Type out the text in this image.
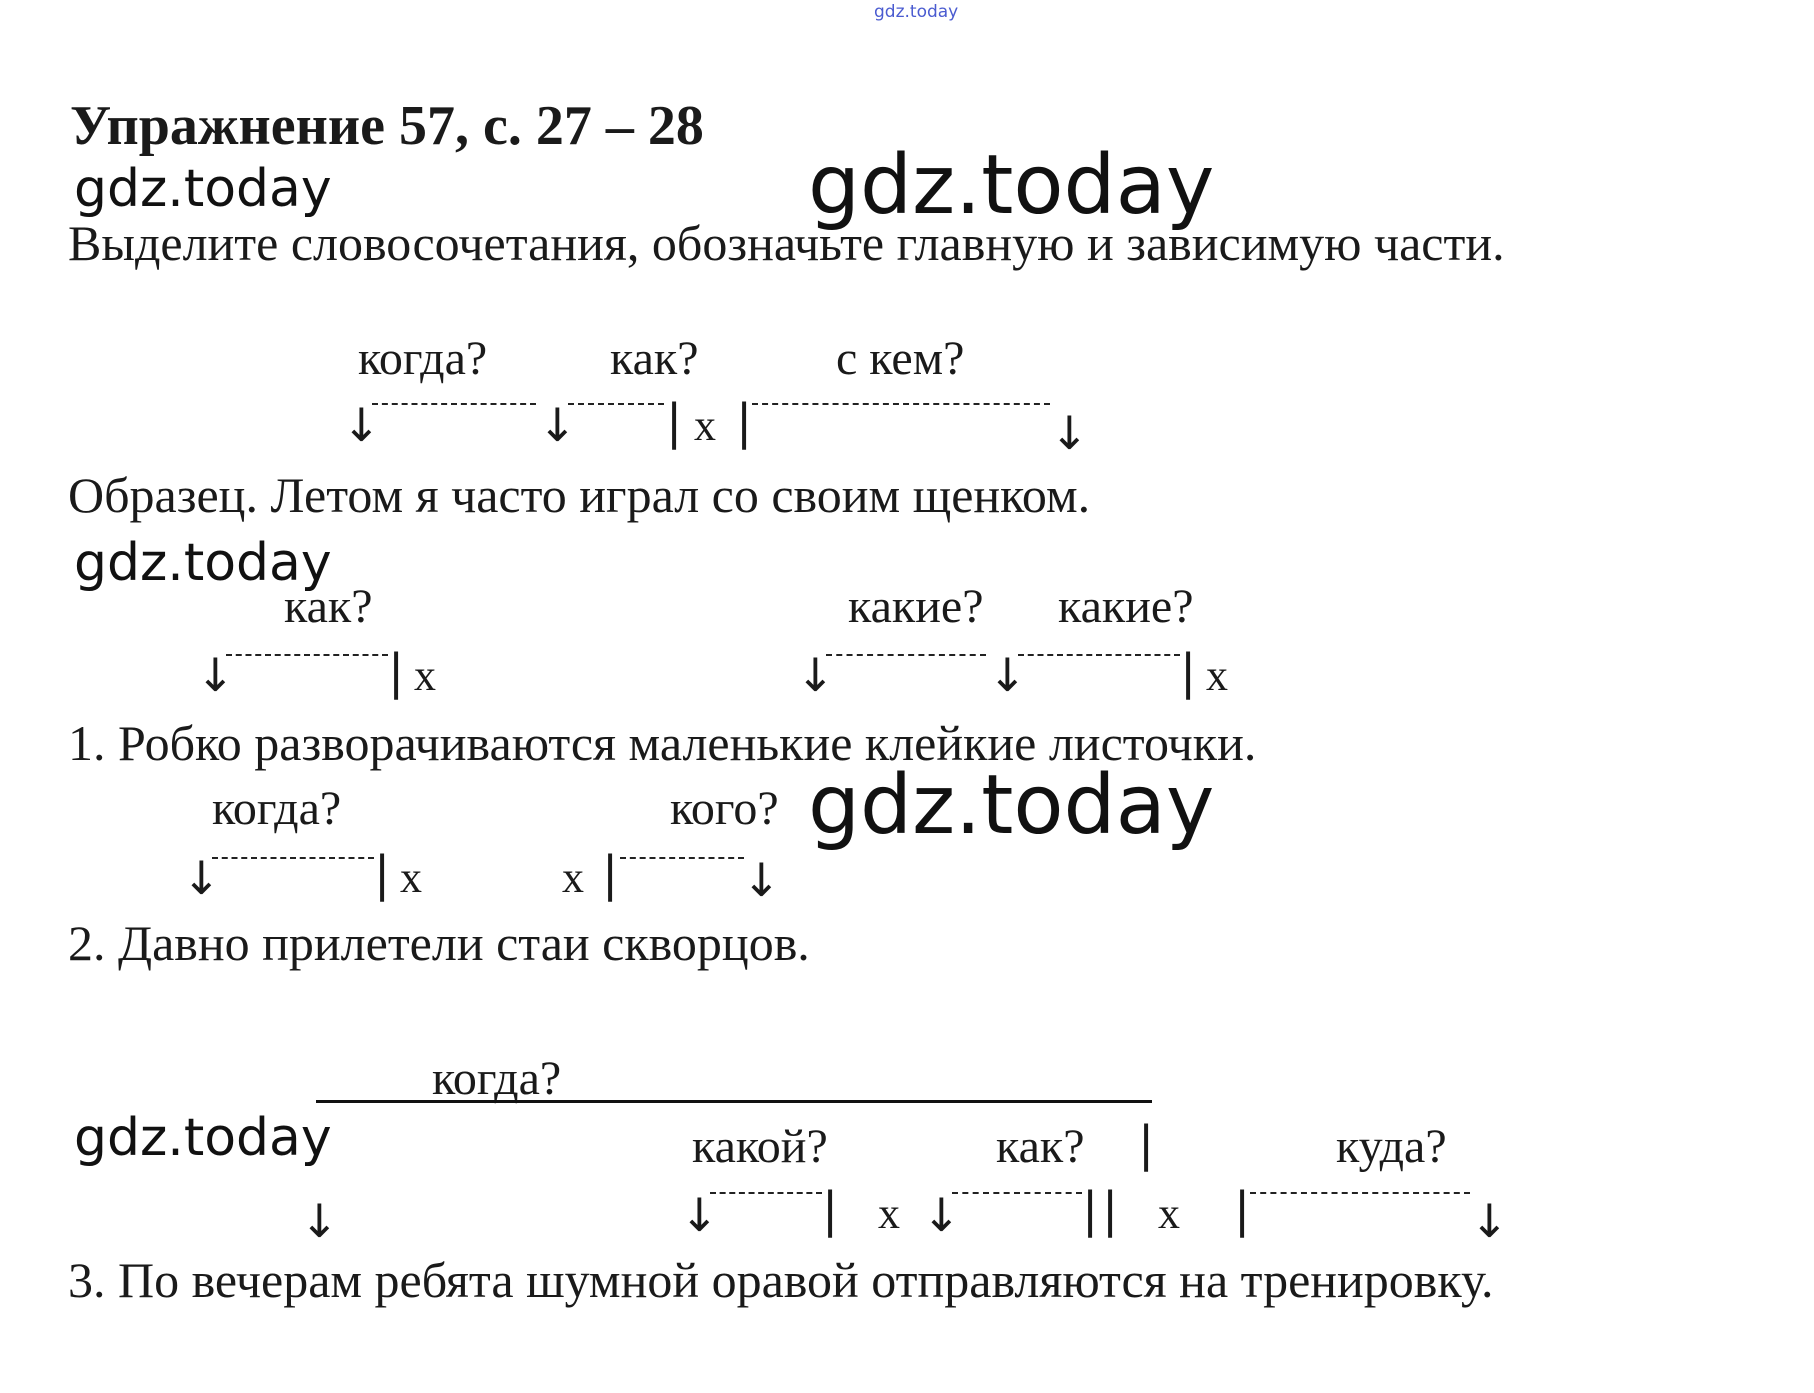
gdz.today
Упражнение 57, с. 27 – 28
gdz.today	gdz.today
gdz.today
gdz.today
gdz.today
Выделите словосочетания, обозначьте главную и зависимую части.
когда?	как?	с кем?
↓	↓ | x |	↓
Образец. Летом я часто играл со своим щенком.
как?	какие? какие?
↓	| x	↓	↓	| x
1. Робко разворачиваются маленькие клейкие листочки.
когда?	кого?
↓	| x	x |	↓
2. Давно прилетели стаи скворцов.
когда?
какой?	как? |	куда?
↓	↓ | x ↓	| | x |	↓
3. По вечерам ребята шумной оравой отправляются на тренировку.
